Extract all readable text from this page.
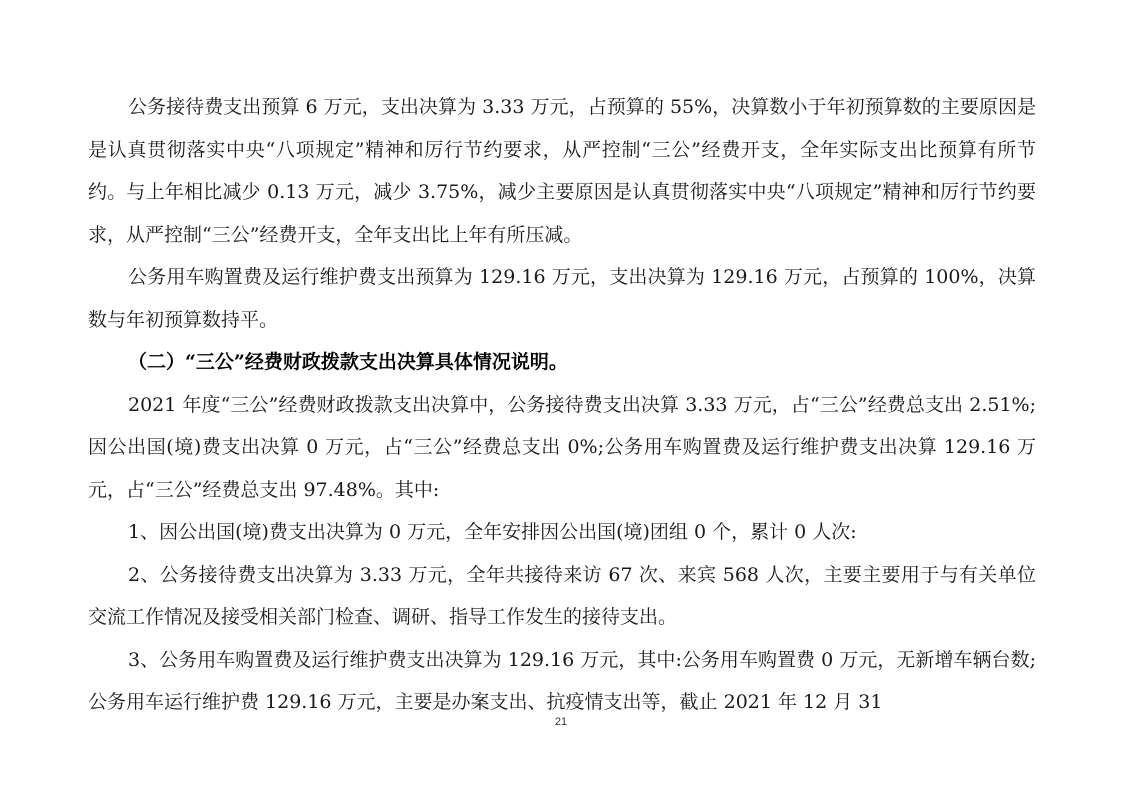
公务接待费支出预算 6 万元，支出决算为 3.33 万元，占预算的 55%，决算数小于年初预算数的主要原因是是认真贯彻落实中央“八项规定”精神和厉行节约要求，从严控制“三公”经费开支，全年实际支出比预算有所节约。与上年相比减少 0.13 万元，减少 3.75%，减少主要原因是认真贯彻落实中央“八项规定”精神和厉行节约要求，从严控制“三公”经费开支，全年支出比上年有所压减。

公务用车购置费及运行维护费支出预算为 129.16 万元，支出决算为 129.16 万元，占预算的 100%，决算数与年初预算数持平。

（二）“三公”经费财政拨款支出决算具体情况说明。

2021 年度“三公”经费财政拨款支出决算中，公务接待费支出决算 3.33 万元，占“三公”经费总支出 2.51%;因公出国(境)费支出决算 0 万元，占“三公”经费总支出 0%;公务用车购置费及运行维护费支出决算 129.16 万元，占“三公”经费总支出 97.48%。其中:

1、因公出国(境)费支出决算为 0 万元，全年安排因公出国(境)团组 0 个，累计 0 人次:

2、公务接待费支出决算为 3.33 万元，全年共接待来访 67 次、来宾 568 人次，主要主要用于与有关单位交流工作情况及接受相关部门检查、调研、指导工作发生的接待支出。

3、公务用车购置费及运行维护费支出决算为 129.16 万元，其中:公务用车购置费 0 万元，无新增车辆台数;公务用车运行维护费 129.16 万元，主要是办案支出、抗疫情支出等，截止 2021 年 12 月 31

21
